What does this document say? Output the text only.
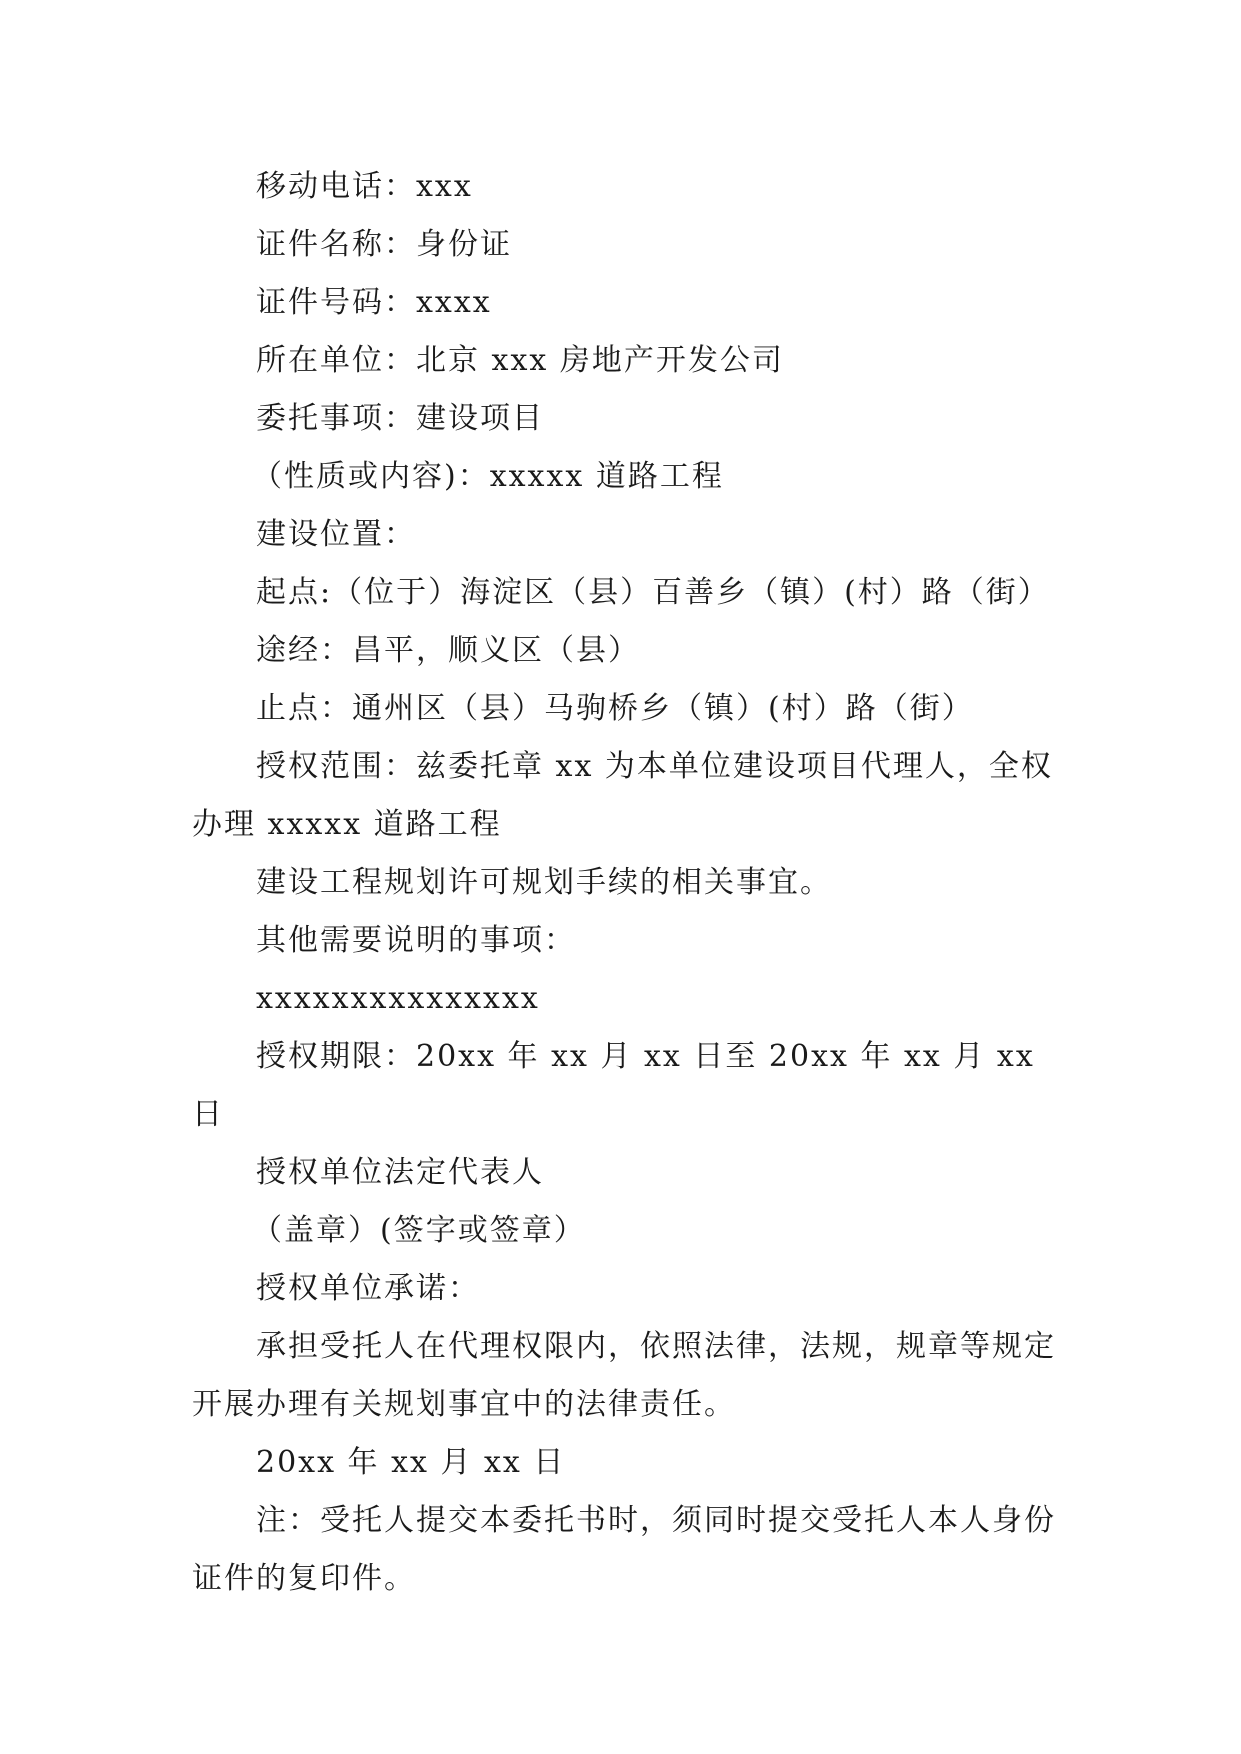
移动电话：xxx

证件名称：身份证

证件号码：xxxx

所在单位：北京 xxx 房地产开发公司

委托事项：建设项目

（性质或内容)：xxxxx 道路工程

建设位置：

起点:（位于）海淀区（县）百善乡（镇）(村）路（街）

途经：昌平，顺义区（县）

止点：通州区（县）马驹桥乡（镇）(村）路（街）

授权范围：兹委托章 xx 为本单位建设项目代理人，全权办理 xxxxx 道路工程

建设工程规划许可规划手续的相关事宜。

其他需要说明的事项：

xxxxxxxxxxxxxxx

授权期限：20xx 年 xx 月 xx 日至 20xx 年 xx 月 xx 日

授权单位法定代表人

（盖章）(签字或签章）

授权单位承诺：

承担受托人在代理权限内，依照法律，法规，规章等规定开展办理有关规划事宜中的法律责任。

20xx 年 xx 月 xx 日

注：受托人提交本委托书时，须同时提交受托人本人身份证件的复印件。
